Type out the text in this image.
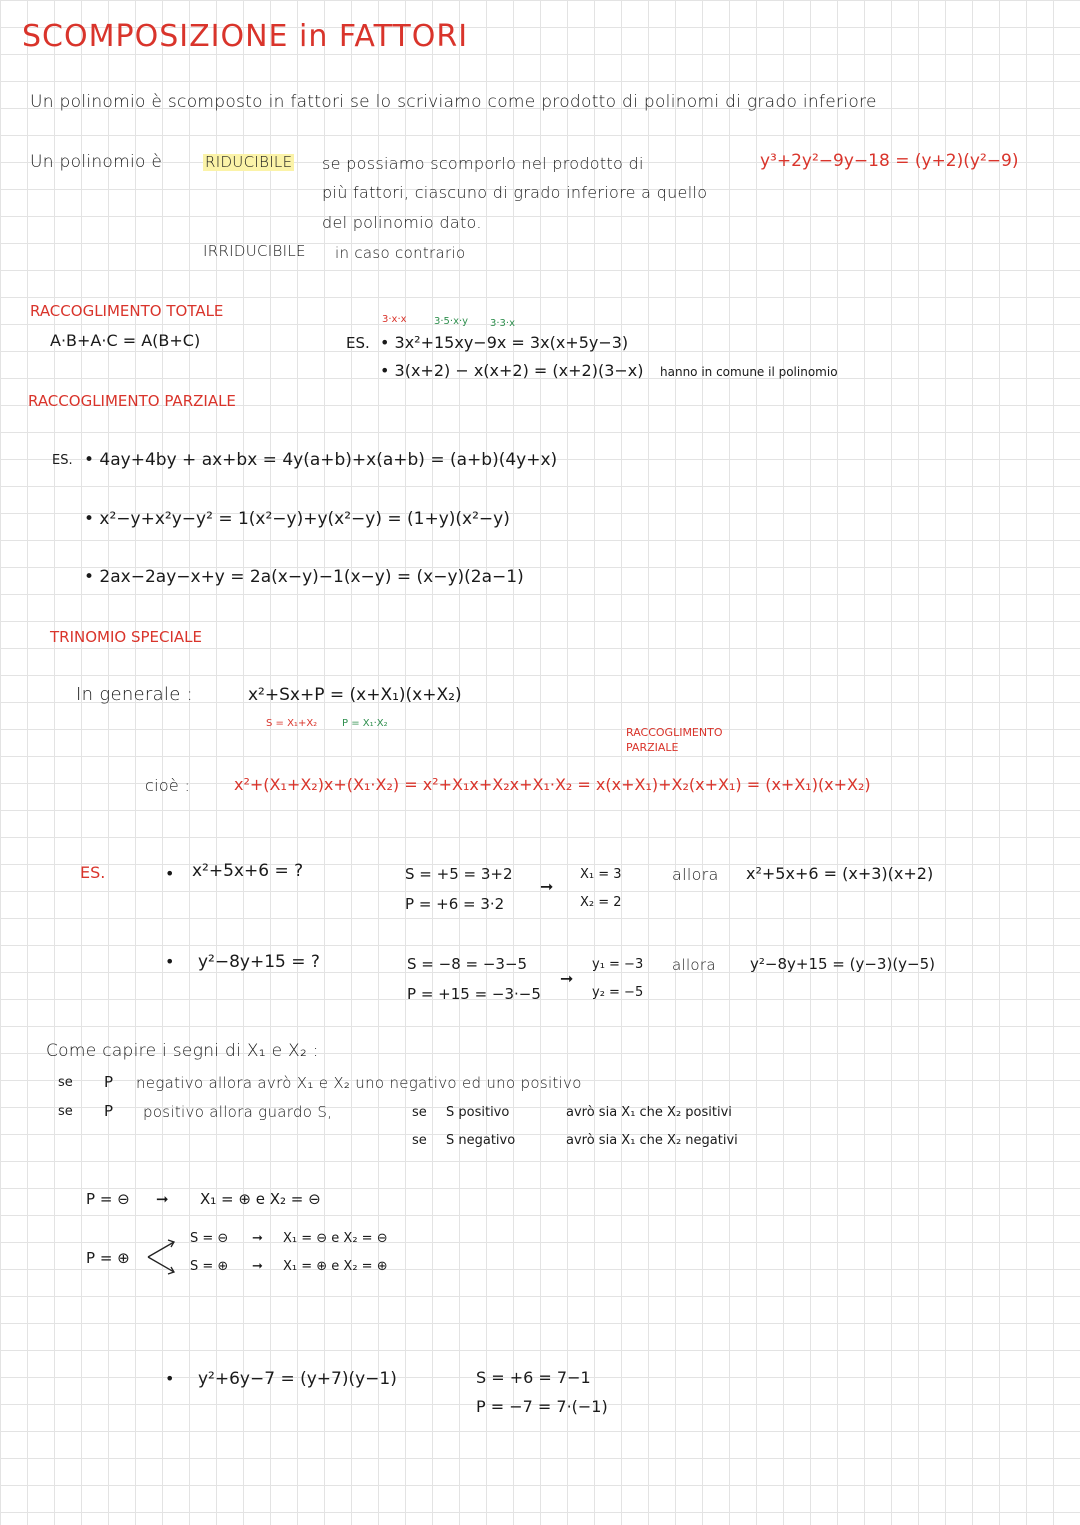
SCOMPOSIZIONE in FATTORI
Un polinomio è scomposto in fattori se lo scriviamo come prodotto di polinomi di grado inferiore
Un polinomio è	RIDUCIBILE se possiamo scomporlo nel prodotto di
più fattori, ciascuno di grado inferiore a quello
del polinomio dato.
IRRIDUCIBILE in caso contrario
y³+2y²−9y−18 = (y+2)(y²−9)
RACCOGLIMENTO TOTALE
A·B+A·C = A(B+C)
3·x·x	3·5·x·y 3·3·x
ES. • 3x²+15xy−9x = 3x(x+5y−3)
• 3(x+2) − x(x+2) = (x+2)(3−x) hanno in comune il polinomio
RACCOGLIMENTO PARZIALE
ES. • 4ay+4by + ax+bx = 4y(a+b)+x(a+b) = (a+b)(4y+x)
• x²−y+x²y−y² = 1(x²−y)+y(x²−y) = (1+y)(x²−y)
• 2ax−2ay−x+y = 2a(x−y)−1(x−y) = (x−y)(2a−1)
TRINOMIO SPECIALE
In generale :	x²+Sx+P = (x+X₁)(x+X₂)
S = X₁+X₂ P = X₁·X₂
RACCOGLIMENTO PARZIALE
cioè :	x²+(X₁+X₂)x+(X₁·X₂) = x²+X₁x+X₂x+X₁·X₂ = x(x+X₁)+X₂(x+X₁) = (x+X₁)(x+X₂)
ES.	• x²+5x+6 = ?	S = +5 = 3+2
P = +6 = 3·2
➞
X₁ = 3
X₂ = 2
allora x²+5x+6 = (x+3)(x+2)
• y²−8y+15 = ?	S = −8 = −3−5
P = +15 = −3·−5
➞
y₁ = −3
y₂ = −5
allora y²−8y+15 = (y−3)(y−5)
Come capire i segni di X₁ e X₂ :
se P negativo allora avrò X₁ e X₂ uno negativo ed uno positivo
se P positivo allora guardo S,	se S positivo	avrò sia X₁ che X₂ positivi
se S negativo	avrò sia X₁ che X₂ negativi
P = ⊖ ➞ X₁ = ⊕ e X₂ = ⊖
P = ⊕
S = ⊖ ➞ X₁ = ⊖ e X₂ = ⊖
S = ⊕ ➞ X₁ = ⊕ e X₂ = ⊕
• y²+6y−7 = (y+7)(y−1)	S = +6 = 7−1
P = −7 = 7·(−1)
